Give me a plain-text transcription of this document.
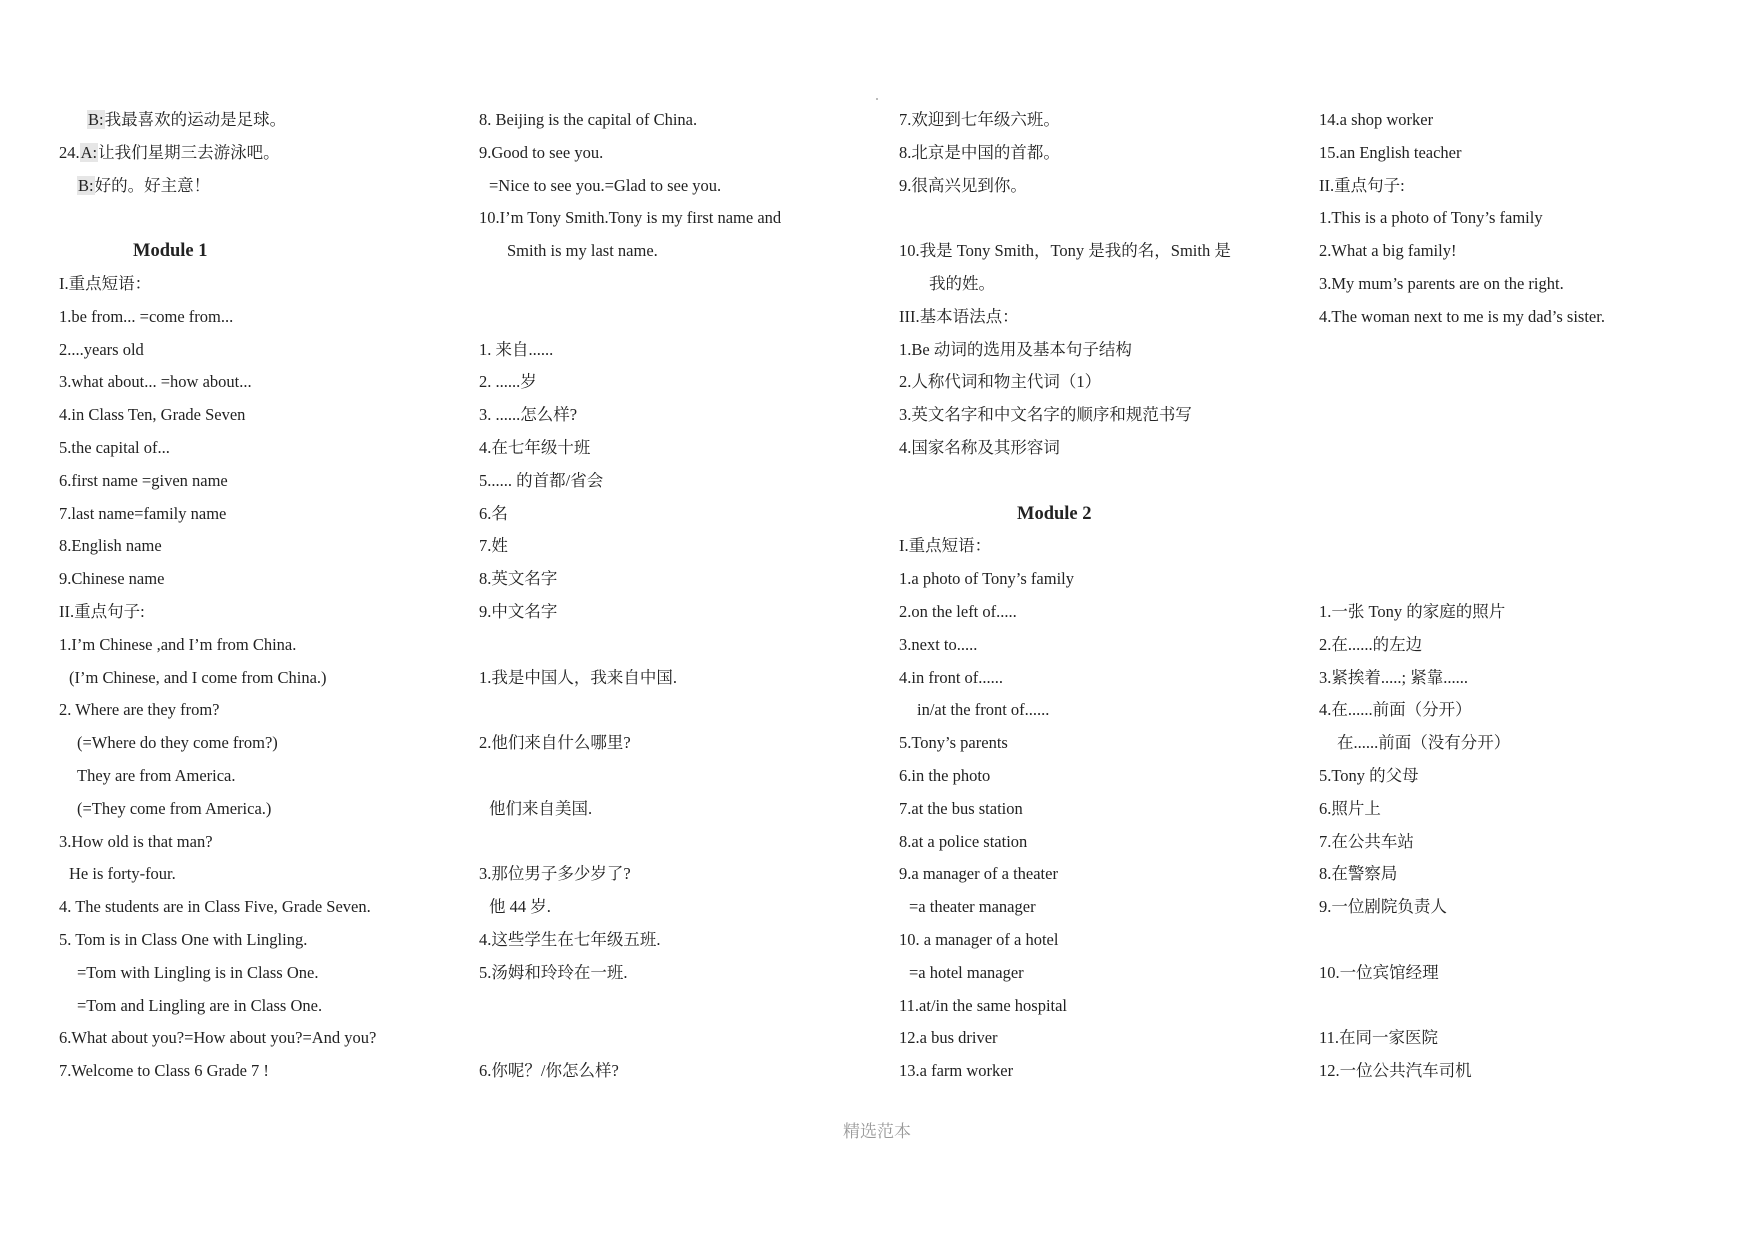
B:我最喜欢的运动是足球。
24.A:让我们星期三去游泳吧。
B:好的。好主意！
Module 1
I.重点短语：
1.be from... =come from...
2....years old
3.what about... =how about...
4.in Class Ten, Grade Seven
5.the capital of...
6.first name =given name
7.last name=family name
8.English name
9.Chinese name
II.重点句子:
1.I’m Chinese ,and I’m from China.
(I’m Chinese, and I come from China.)
2. Where are they from?
(=Where do they come from?)
They are from America.
(=They come from America.)
3.How old is that man?
He is forty-four.
4. The students are in Class Five, Grade Seven.
5. Tom is in Class One with Lingling.
=Tom with Lingling is in Class One.
=Tom and Lingling are in Class One.
6.What about you?=How about you?=And you?
7.Welcome to Class 6 Grade 7 !
8. Beijing is the capital of China.
9.Good to see you.
=Nice to see you.=Glad to see you.
10.I’m Tony Smith.Tony is my first name and
Smith is my last name.
1. 来自......
2. ......岁
3. ......怎么样?
4.在七年级十班
5...... 的首都/省会
6.名
7.姓
8.英文名字
9.中文名字
1.我是中国人，我来自中国.
2.他们来自什么哪里?
他们来自美国.
3.那位男子多少岁了?
他 44 岁.
4.这些学生在七年级五班.
5.汤姆和玲玲在一班.
6.你呢？/你怎么样?
7.欢迎到七年级六班。
8.北京是中国的首都。
9.很高兴见到你。
10.我是 Tony Smith，Tony 是我的名，Smith 是
我的姓。
III.基本语法点：
1.Be 动词的选用及基本句子结构
2.人称代词和物主代词（1）
3.英文名字和中文名字的顺序和规范书写
4.国家名称及其形容词
Module 2
I.重点短语：
1.a photo of Tony’s family
2.on the left of.....
3.next to.....
4.in front of......
in/at the front of......
5.Tony’s parents
6.in the photo
7.at the bus station
8.at a police station
9.a manager of a theater
=a theater manager
10. a manager of a hotel
=a hotel manager
11.at/in the same hospital
12.a bus driver
13.a farm worker
14.a shop worker
15.an English teacher
II.重点句子:
1.This is a photo of Tony’s family
2.What a big family!
3.My mum’s parents are on the right.
4.The woman next to me is my dad’s sister.
1.一张 Tony 的家庭的照片
2.在......的左边
3.紧挨着.....; 紧靠......
4.在......前面（分开）
在......前面（没有分开）
5.Tony 的父母
6.照片上
7.在公共车站
8.在警察局
9.一位剧院负责人
10.一位宾馆经理
11.在同一家医院
12.一位公共汽车司机
精选范本
